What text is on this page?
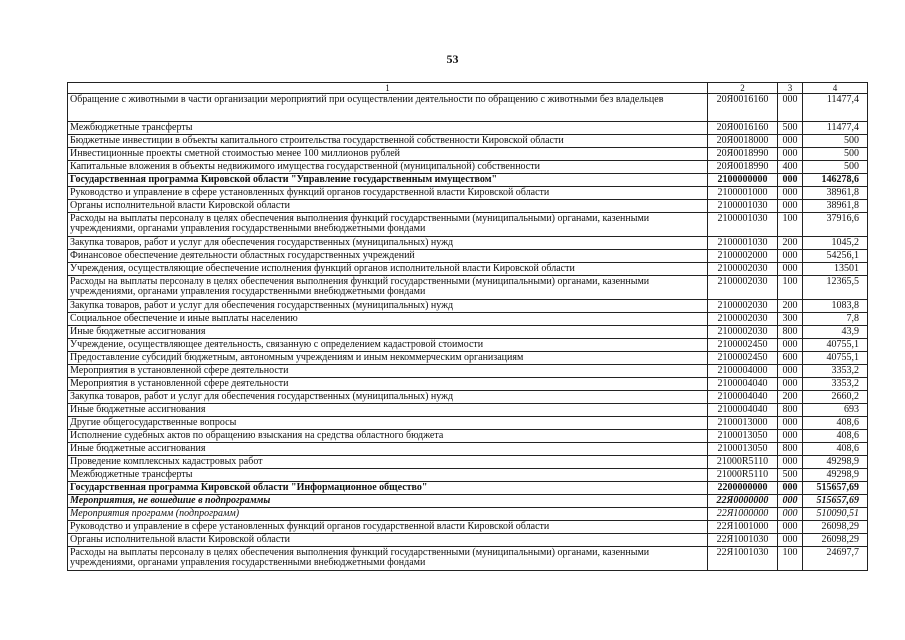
53
1	2	3	4
Обращение с животными в части организации мероприятий при осуществлении деятельности по обращению с животными без владельцев	20Я0016160	000	11477,4
Межбюджетные трансферты	20Я0016160	500	11477,4
Бюджетные инвестиции в объекты капитального строительства государственной собственности Кировской области	20Я0018000	000	500
Инвестиционные проекты сметной стоимостью менее 100 миллионов рублей	20Я0018990	000	500
Капитальные вложения в объекты недвижимого имущества государственной (муниципальной) собственности	20Я0018990	400	500
Государственная программа Кировской области "Управление государственным имуществом"	2100000000	000	146278,6
Руководство и управление в сфере установленных функций органов государственной власти Кировской области	2100001000	000	38961,8
Органы исполнительной власти Кировской области	2100001030	000	38961,8
Расходы на выплаты персоналу в целях обеспечения выполнения функций государственными (муниципальными) органами, казенными учреждениями, органами управления государственными внебюджетными фондами	2100001030	100	37916,6
Закупка товаров, работ и услуг для обеспечения государственных (муниципальных) нужд	2100001030	200	1045,2
Финансовое обеспечение деятельности областных государственных учреждений	2100002000	000	54256,1
Учреждения, осуществляющие обеспечение исполнения функций органов исполнительной власти Кировской области	2100002030	000	13501
Расходы на выплаты персоналу в целях обеспечения выполнения функций государственными (муниципальными) органами, казенными учреждениями, органами управления государственными внебюджетными фондами	2100002030	100	12365,5
Закупка товаров, работ и услуг для обеспечения государственных (муниципальных) нужд	2100002030	200	1083,8
Социальное обеспечение и иные выплаты населению	2100002030	300	7,8
Иные бюджетные ассигнования	2100002030	800	43,9
Учреждение, осуществляющее деятельность, связанную с определением кадастровой стоимости	2100002450	000	40755,1
Предоставление субсидий бюджетным, автономным учреждениям и иным некоммерческим организациям	2100002450	600	40755,1
Мероприятия в установленной сфере деятельности	2100004000	000	3353,2
Мероприятия в установленной сфере деятельности	2100004040	000	3353,2
Закупка товаров, работ и услуг для обеспечения государственных (муниципальных) нужд	2100004040	200	2660,2
Иные бюджетные ассигнования	2100004040	800	693
Другие общегосударственные вопросы	2100013000	000	408,6
Исполнение судебных актов по обращению взыскания на средства областного бюджета	2100013050	000	408,6
Иные бюджетные ассигнования	2100013050	800	408,6
Проведение комплексных кадастровых работ	21000R5110	000	49298,9
Межбюджетные трансферты	21000R5110	500	49298,9
Государственная программа Кировской области "Информационное общество"	2200000000	000	515657,69
Мероприятия, не вошедшие в подпрограммы	22Я0000000	000	515657,69
Мероприятия программ (подпрограмм)	22Я1000000	000	510090,51
Руководство и управление в сфере установленных функций органов государственной власти Кировской области	22Я1001000	000	26098,29
Органы исполнительной власти Кировской области	22Я1001030	000	26098,29
Расходы на выплаты персоналу в целях обеспечения выполнения функций государственными (муниципальными) органами, казенными учреждениями, органами управления государственными внебюджетными фондами	22Я1001030	100	24697,7
